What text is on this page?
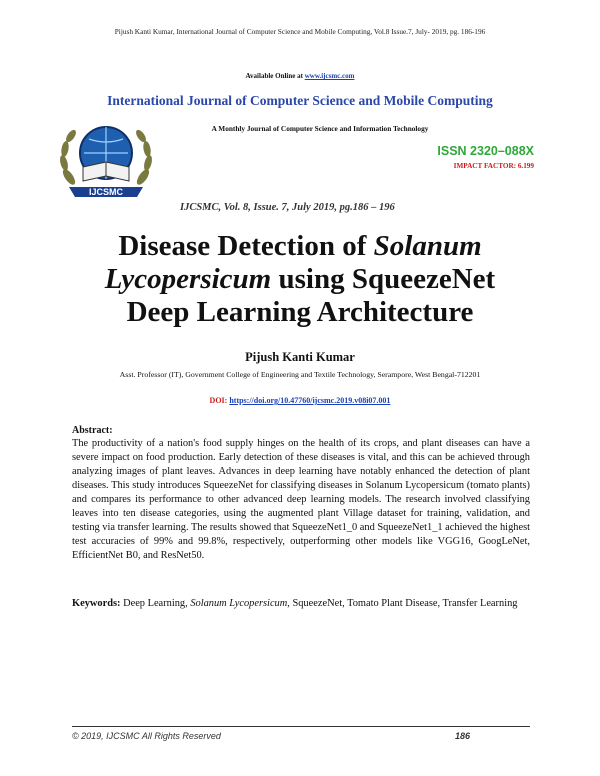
Pijush Kanti Kumar, International Journal of Computer Science and Mobile Computing, Vol.8 Issue.7, July- 2019, pg. 186-196
Available Online at www.ijcsmc.com
International Journal of Computer Science and Mobile Computing
A Monthly Journal of Computer Science and Information Technology
ISSN 2320–088X
IMPACT FACTOR: 6.199
IJCSMC
IJCSMC, Vol. 8, Issue. 7, July 2019, pg.186 – 196
Disease Detection of Solanum
Lycopersicum using SqueezeNet
Deep Learning Architecture
Pijush Kanti Kumar
Asst. Professor (IT), Government College of Engineering and Textile Technology, Serampore, West Bengal-712201
DOI: https://doi.org/10.47760/ijcsmc.2019.v08i07.001
Abstract:
The productivity of a nation's food supply hinges on the health of its crops, and plant diseases can have a severe impact on food production. Early detection of these diseases is vital, and this can be achieved through analyzing images of plant leaves. Advances in deep learning have notably enhanced the detection of plant diseases. This study introduces SqueezeNet for classifying diseases in Solanum Lycopersicum (tomato plants) and compares its performance to other advanced deep learning models. The research involved classifying leaves into ten disease categories, using the augmented plant Village dataset for training, validation, and testing via transfer learning. The results showed that SqueezeNet1_0 and SqueezeNet1_1 achieved the highest test accuracies of 99% and 99.8%, respectively, outperforming other models like VGG16, GoogLeNet, EfficientNet B0, and ResNet50.
Keywords: Deep Learning, Solanum Lycopersicum, SqueezeNet, Tomato Plant Disease, Transfer Learning
© 2019, IJCSMC All Rights Reserved	186
